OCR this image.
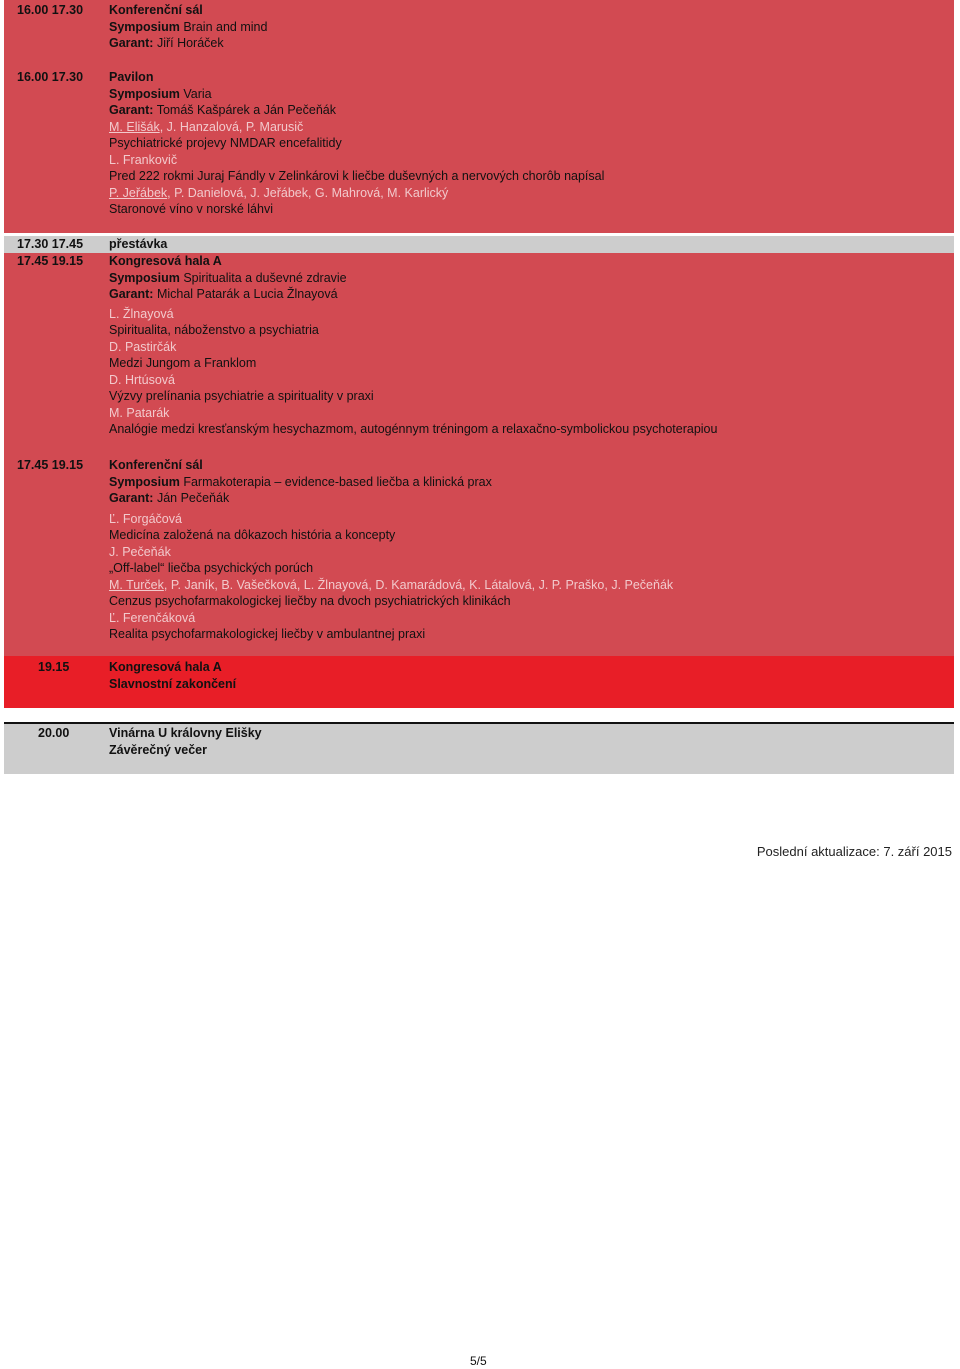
16.00 17.30 Konferenční sál
Symposium Brain and mind
Garant: Jiří Horáček
16.00 17.30 Pavilon
Symposium Varia
Garant: Tomáš Kašpárek a Ján Pečeňák
M. Elišák, J. Hanzalová, P. Marusič
Psychiatrické projevy NMDAR encefalitidy
L. Frankovič
Pred 222 rokmi Juraj Fándly v Zelinkárovi k liečbe duševných a nervových chorôb napísal
P. Jeřábek, P. Danielová, J. Jeřábek, G. Mahrová, M. Karlický
Staronové víno v norské láhvi
17.30 17.45 přestávka
17.45 19.15 Kongresová hala A
Symposium Spiritualita a duševné zdravie
Garant: Michal Patarák a Lucia Žlnayová
L. Žlnayová
Spiritualita, náboženstvo a psychiatria
D. Pastirčák
Medzi Jungom a Franklom
D. Hrtúsová
Výzvy prelínania psychiatrie a spirituality v praxi
M. Patarák
Analógie medzi kresťanským hesychazmom, autogénnym tréningom a relaxačno-symbolickou psychoterapiou
17.45 19.15 Konferenční sál
Symposium Farmakoterapia – evidence-based liečba a klinická prax
Garant: Ján Pečeňák
Ľ. Forgáčová
Medicína založená na dôkazoch história a koncepty
J. Pečeňák
„Off-label“ liečba psychických porúch
M. Turček, P. Janík, B. Vašečková, L. Žlnayová, D. Kamarádová, K. Látalová, J. P. Praško, J. Pečeňák
Cenzus psychofarmakologickej liečby na dvoch psychiatrických klinikách
Ľ. Ferenčáková
Realita psychofarmakologickej liečby v ambulantnej praxi
19.15	Kongresová hala A
Slavnostní zakončení
20.00	Vinárna U královny Elišky
Závěrečný večer
Poslední aktualizace: 7. září 2015
5/5
